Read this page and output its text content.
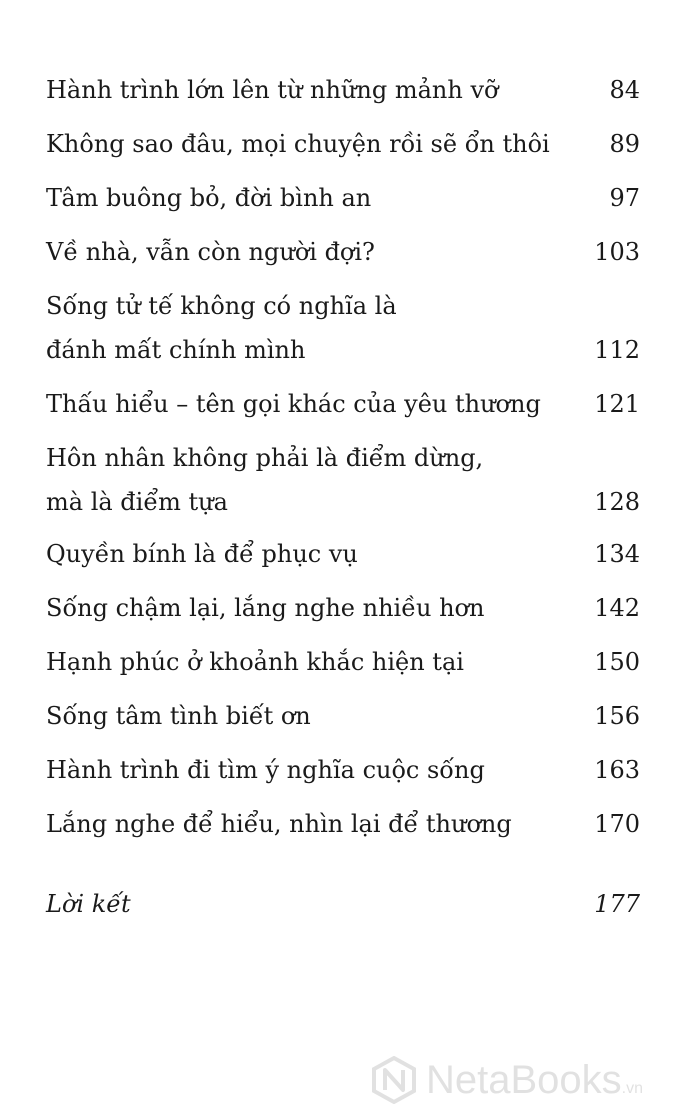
Hành trình lớn lên từ những mảnh vỡ	84
Không sao đâu, mọi chuyện rồi sẽ ổn thôi	89
Tâm buông bỏ, đời bình an	97
Về nhà, vẫn còn người đợi?	103
Sống tử tế không có nghĩa là
đánh mất chính mình	112
Thấu hiểu – tên gọi khác của yêu thương	121
Hôn nhân không phải là điểm dừng,
mà là điểm tựa	128
Quyền bính là để phục vụ	134
Sống chậm lại, lắng nghe nhiều hơn	142
Hạnh phúc ở khoảnh khắc hiện tại	150
Sống tâm tình biết ơn	156
Hành trình đi tìm ý nghĩa cuộc sống	163
Lắng nghe để hiểu, nhìn lại để thương	170
Lời kết	177
NetaBooks.vn
